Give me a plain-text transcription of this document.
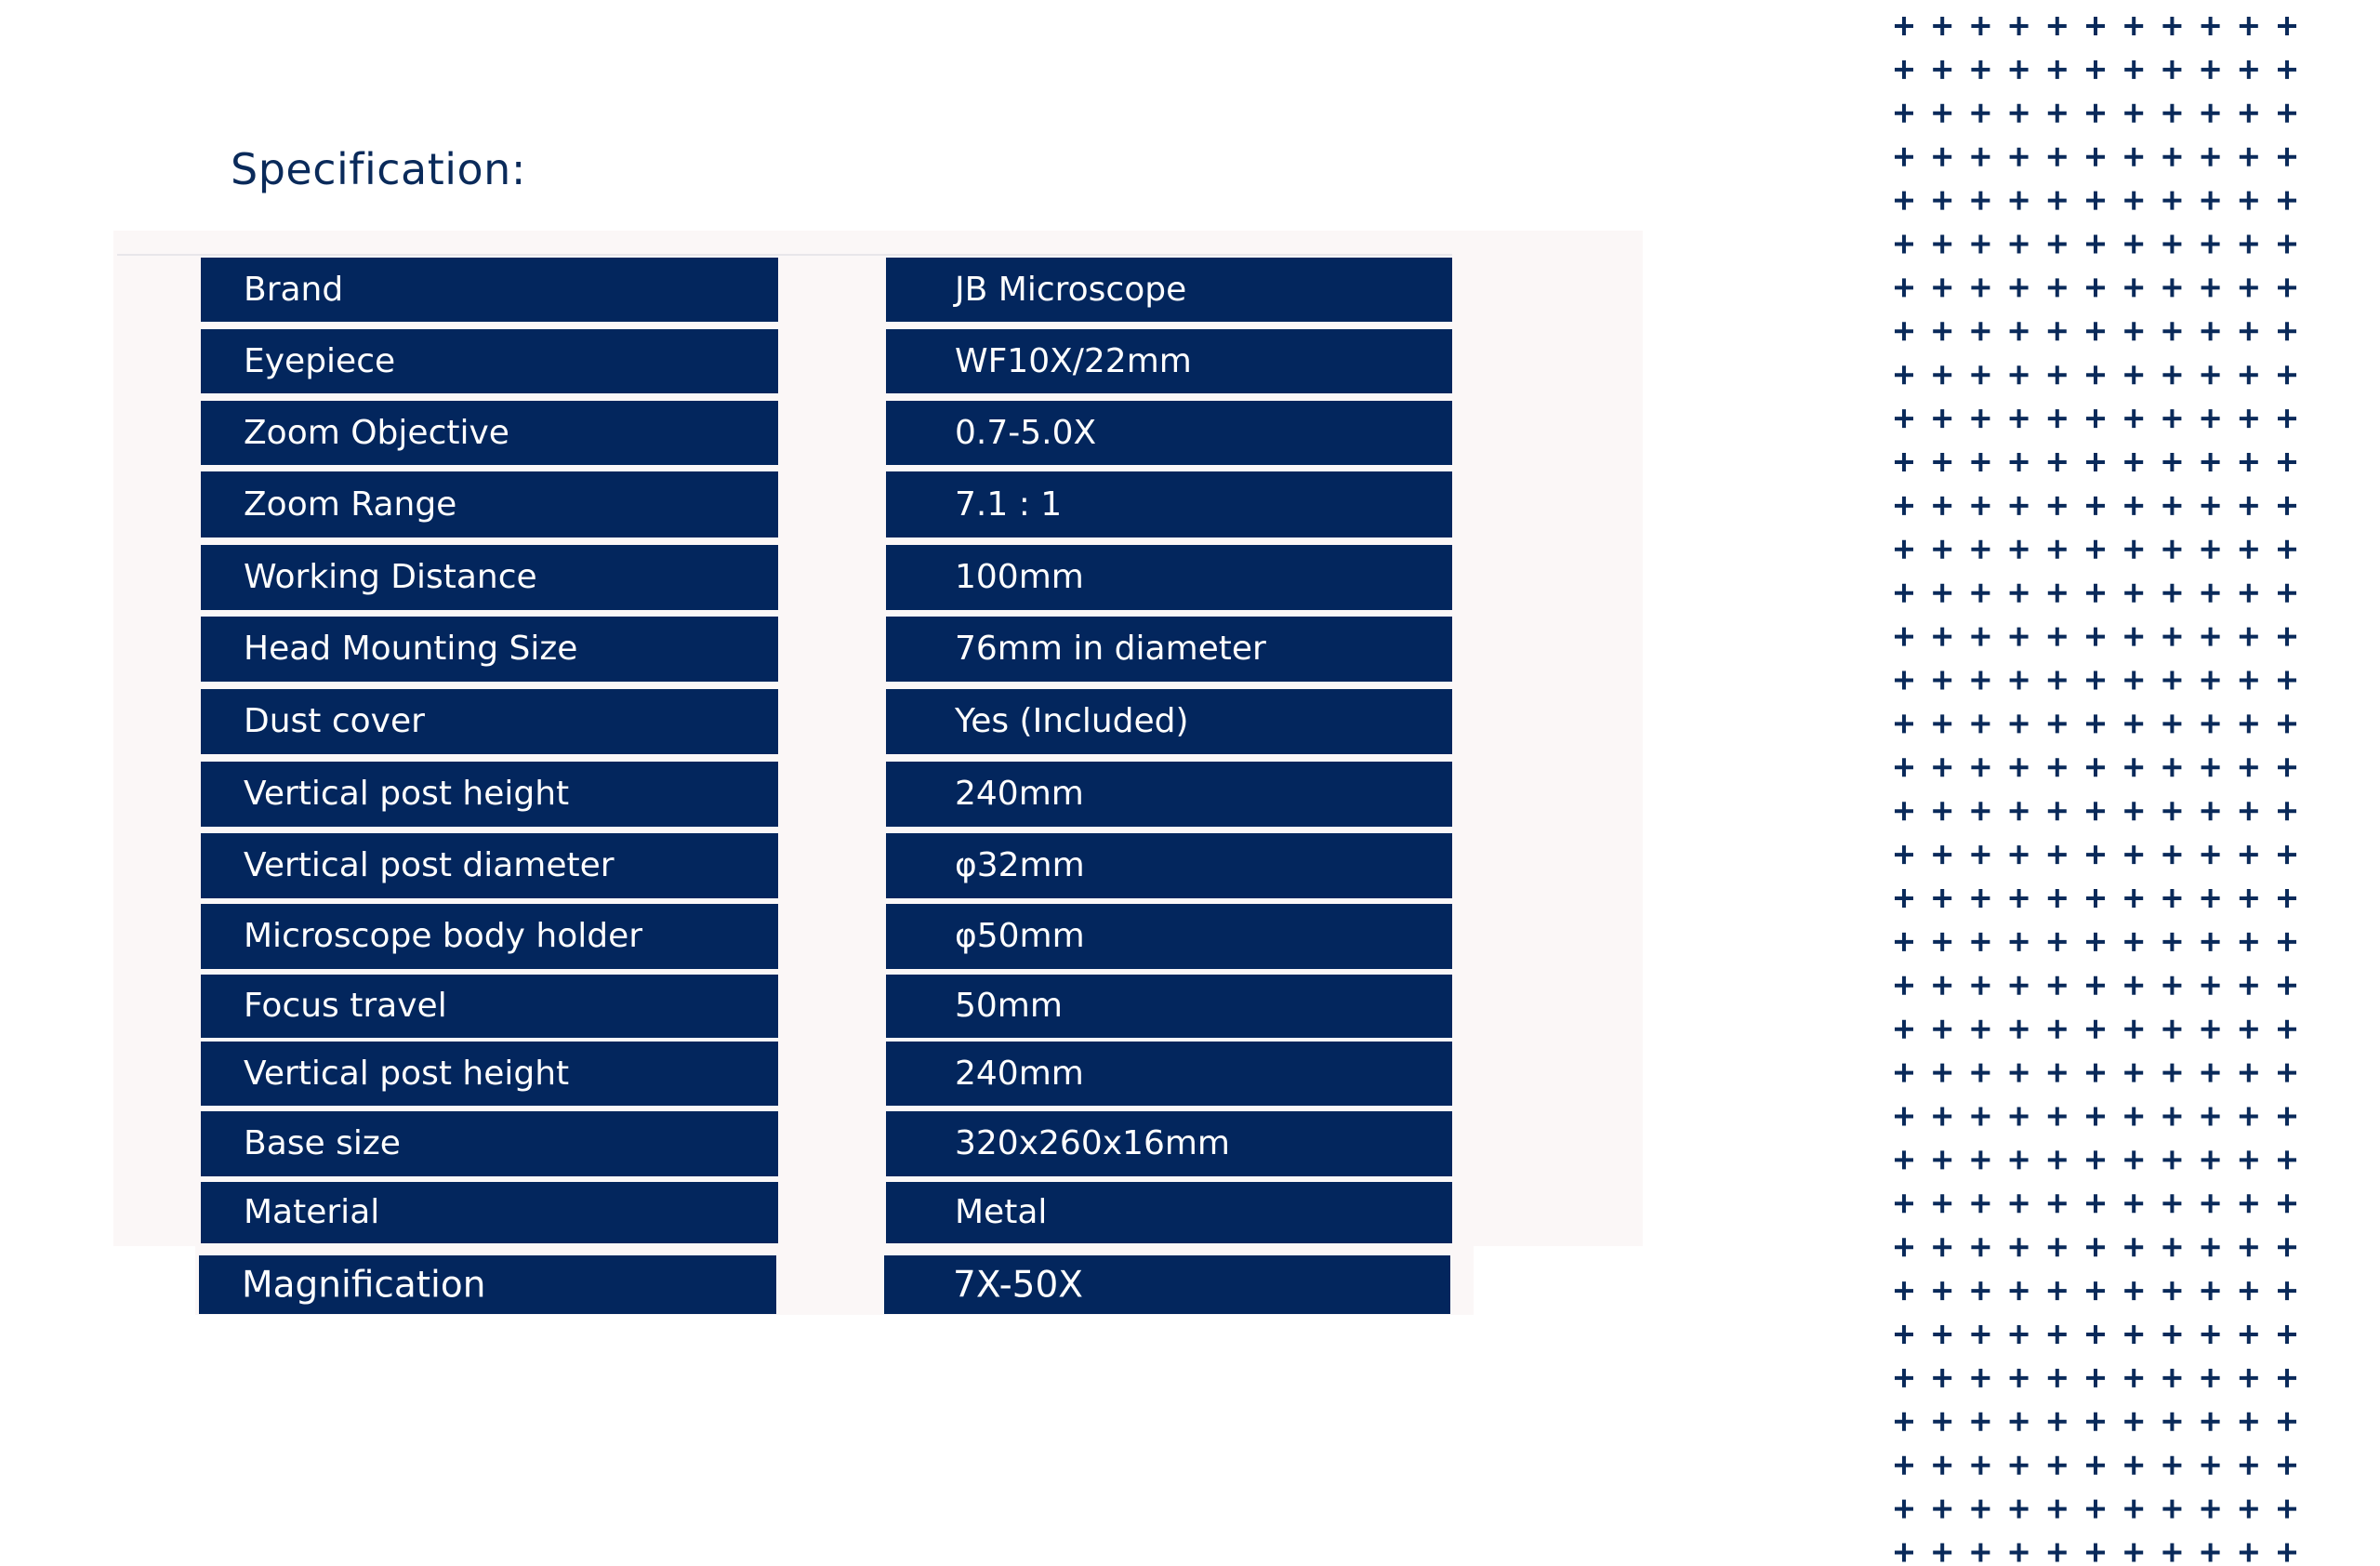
Specification:
Brand	JB Microscope
Eyepiece	WF10X/22mm
Zoom Objective	0.7-5.0X
Zoom Range	7.1 : 1
Working Distance	100mm
Head Mounting Size	76mm in diameter
Dust cover	Yes (Included)
Vertical post height	240mm
Vertical post diameter	φ32mm
Microscope body holder	φ50mm
Focus travel	50mm
Vertical post height	240mm
Base size	320x260x16mm
Material	Metal
Magnification	7X-50X
